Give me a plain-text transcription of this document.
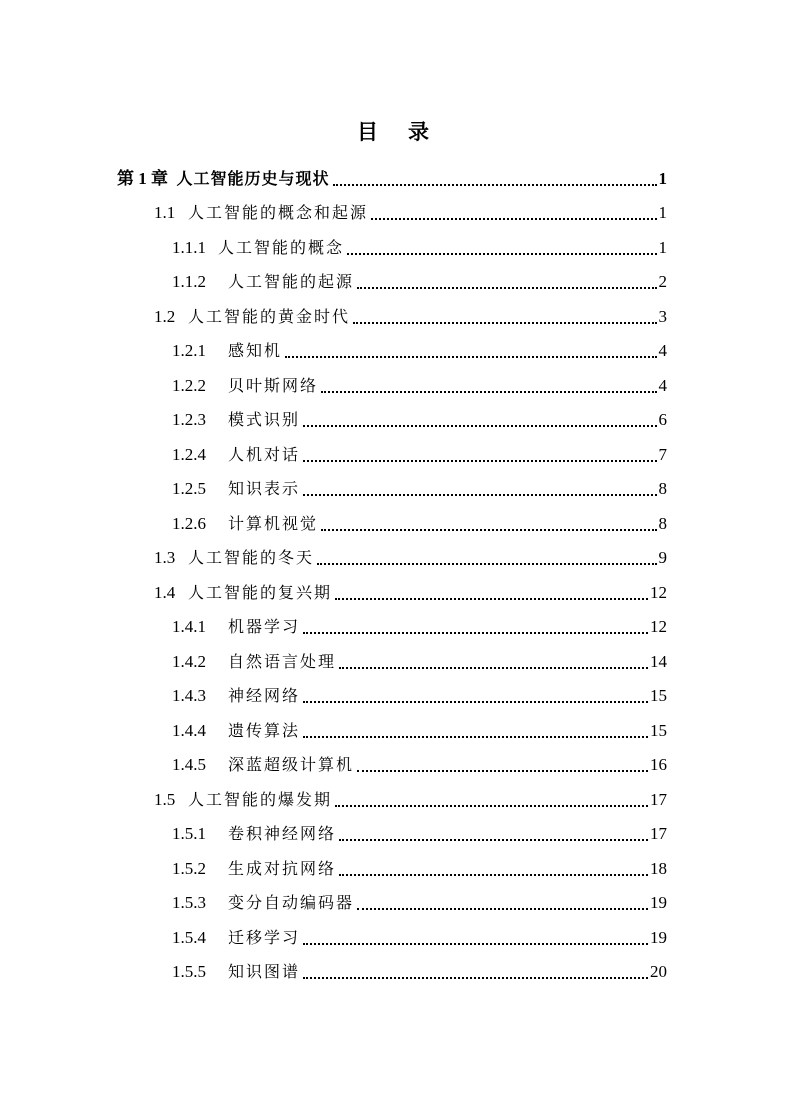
目 录
第 1 章 人工智能历史与现状	1
1.1 人工智能的概念和起源	1
1.1.1 人工智能的概念	1
1.1.2	人工智能的起源	2
1.2 人工智能的黄金时代	3
1.2.1	感知机	4
1.2.2	贝叶斯网络	4
1.2.3	模式识别	6
1.2.4	人机对话	7
1.2.5	知识表示	8
1.2.6	计算机视觉	8
1.3 人工智能的冬天	9
1.4 人工智能的复兴期	12
1.4.1	机器学习	12
1.4.2	自然语言处理	14
1.4.3	神经网络	15
1.4.4	遗传算法	15
1.4.5	深蓝超级计算机	16
1.5 人工智能的爆发期	17
1.5.1	卷积神经网络	17
1.5.2	生成对抗网络	18
1.5.3	变分自动编码器	19
1.5.4	迁移学习	19
1.5.5	知识图谱	20
